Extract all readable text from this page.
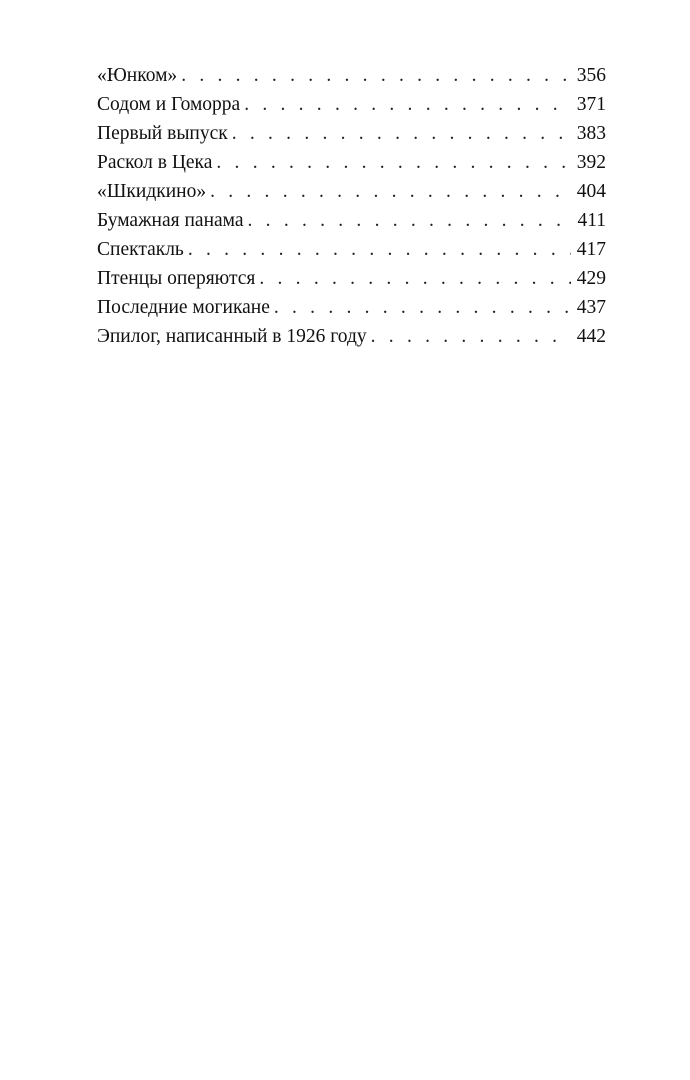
«Юнком» . . .	356
Содом и Гоморра . . .	371
Первый выпуск . . .	383
Раскол в Цека . . .	392
«Шкидкино» . . .	404
Бумажная панама . . .	411
Спектакль . . .	417
Птенцы оперяются . . .	429
Последние могикане . . .	437
Эпилог, написанный в 1926 году . . .	442
